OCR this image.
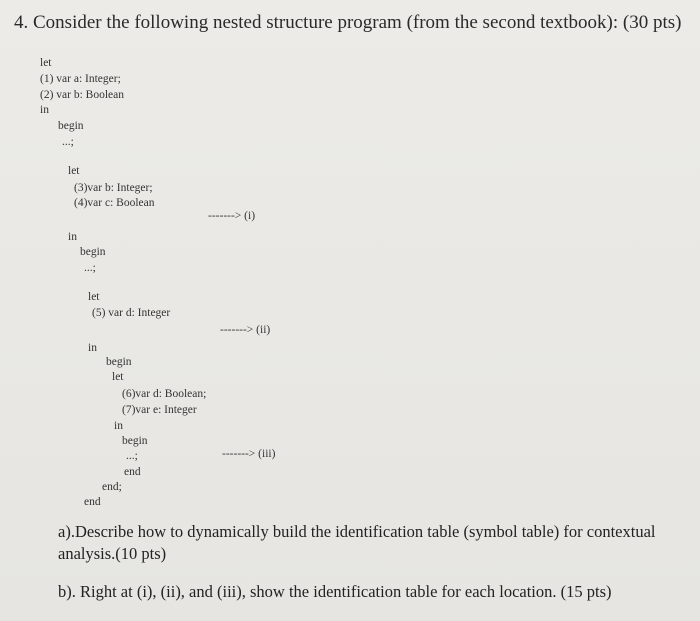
4. Consider the following nested structure program (from the second textbook): (30 pts)
let
(1) var a: Integer;
(2) var b: Boolean
in
begin
...;
let
(3)var b: Integer;
(4)var c: Boolean
-------> (i)
in
begin
...;
let
(5) var d: Integer
-------> (ii)
in
begin
let
(6)var d: Boolean;
(7)var e: Integer
in
begin
...;	-------> (iii)
end
end;
end
a).Describe how to dynamically build the identification table (symbol table) for contextual analysis.(10 pts)
b). Right at (i), (ii), and (iii), show the identification table for each location. (15 pts)
